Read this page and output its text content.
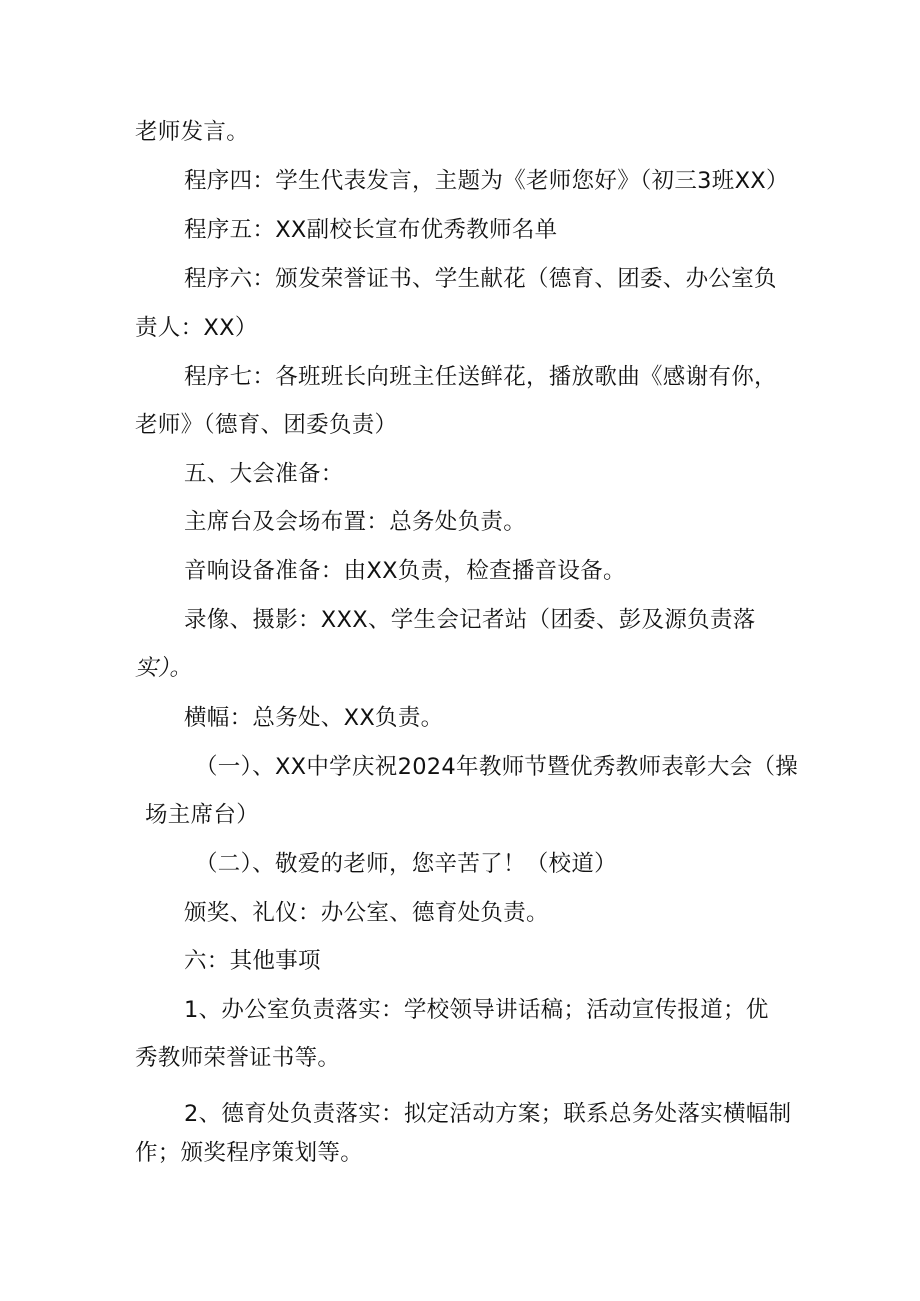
老师发言。
程序四：学生代表发言，主题为《老师您好》（初三3班XX）
程序五：XX副校长宣布优秀教师名单
程序六：颁发荣誉证书、学生献花（德育、团委、办公室负
责人：XX）
程序七：各班班长向班主任送鲜花，播放歌曲《感谢有你，
老师》（德育、团委负责）
五、大会准备：
主席台及会场布置：总务处负责。
音响设备准备：由XX负责，检查播音设备。
录像、摄影：XXX、学生会记者站（团委、彭及源负责落
实）。
横幅：总务处、XX负责。
（一）、XX中学庆祝2024年教师节暨优秀教师表彰大会（操
场主席台）
（二）、敬爱的老师，您辛苦了！（校道）
颁奖、礼仪：办公室、德育处负责。
六：其他事项
1、办公室负责落实：学校领导讲话稿；活动宣传报道；优
秀教师荣誉证书等。
2、德育处负责落实：拟定活动方案；联系总务处落实横幅制
作；颁奖程序策划等。
